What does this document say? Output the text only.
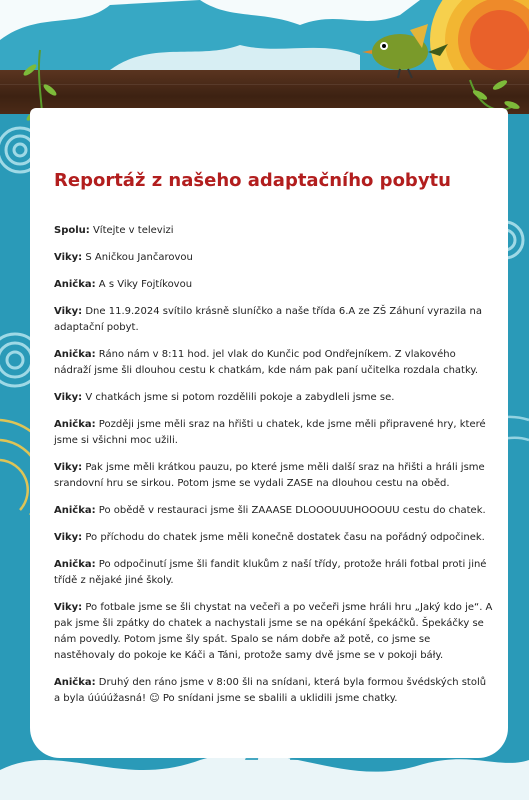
Reportáž z našeho adaptačního pobytu

Spolu: Vítejte v televizi

Viky: S Aničkou Jančarovou

Anička: A s Viky Fojtíkovou

Viky: Dne 11.9.2024 svítilo krásně sluníčko a naše třída 6.A ze ZŠ Záhuní vyrazila na adaptační pobyt.

Anička: Ráno nám v 8:11 hod. jel vlak do Kunčic pod Ondřejníkem. Z vlakového nádraží jsme šli dlouhou cestu k chatkám, kde nám pak paní učitelka rozdala chatky.

Viky: V chatkách jsme si potom rozdělili pokoje a zabydleli jsme se.

Anička: Později jsme měli sraz na hřišti u chatek, kde jsme měli připravené hry, které jsme si všichni moc užili.

Viky: Pak jsme měli krátkou pauzu, po které jsme měli další sraz na hřišti a hráli jsme srandovní hru se sirkou. Potom jsme se vydali ZASE na dlouhou cestu na oběd.

Anička: Po obědě v restauraci jsme šli ZAAASE DLOOOUUUHOOOUU cestu do chatek.

Viky: Po příchodu do chatek jsme měli konečně dostatek času na pořádný odpočinek.

Anička: Po odpočinutí jsme šli fandit klukům z naší třídy, protože hráli fotbal proti jiné třídě z nějaké jiné školy.

Viky: Po fotbale jsme se šli chystat na večeři a po večeři jsme hráli hru „Jaký kdo je“. A pak jsme šli zpátky do chatek a nachystali jsme se na opékání špekáčků. Špekáčky se nám povedly. Potom jsme šly spát. Spalo se nám dobře až potě, co jsme se nastěhovaly do pokoje ke Káči a Táni, protože samy dvě jsme se v pokoji báły.

Anička: Druhý den ráno jsme v 8:00 šli na snídani, která byla formou švédských stolů a byla úúúúžasná! ☺ Po snídani jsme se sbalili a uklidili jsme chatky.
